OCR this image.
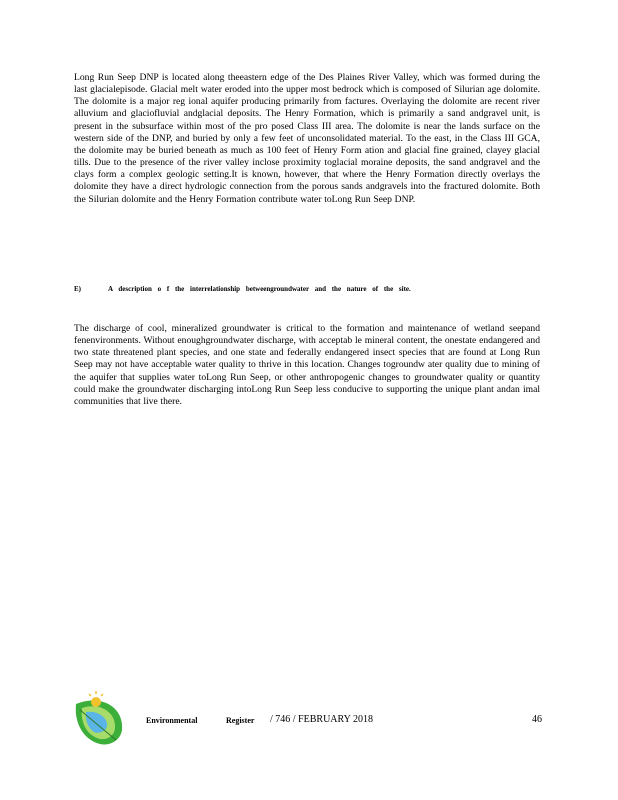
Long Run Seep DNP is located along theeastern edge of the Des Plaines River Valley, which was formed during the last glacialepisode. Glacial melt water eroded into the upper most bedrock which is composed of Silurian age dolomite. The dolomite is a major reg ional aquifer producing primarily from factures. Overlaying the dolomite are recent river alluvium and glaciofluvial andglacial deposits. The Henry Formation, which is primarily a sand andgravel unit, is present in the subsurface within most of the pro posed Class III area. The dolomite is near the lands surface on the western side of the DNP, and buried by only a few feet of unconsolidated material. To the east, in the Class III GCA, the dolomite may be buried beneath as much as 100 feet of Henry Form ation and glacial fine grained, clayey glacial tills. Due to the presence of the river valley inclose proximity toglacial moraine deposits, the sand andgravel and the clays form a complex geologic setting.It is known, however, that where the Henry Formation directly overlays the dolomite they have a direct hydrologic connection from the porous sands andgravels into the fractured dolomite. Both the Silurian dolomite and the Henry Formation contribute water toLong Run Seep DNP.
E)	A description o f the interrelationship betweengroundwater and the nature of the site.
The discharge of cool, mineralized groundwater is critical to the formation and maintenance of wetland seepand fenenvironments. Without enoughgroundwater discharge, with acceptab le mineral content, the onestate endangered and two state threatened plant species, and one state and federally endangered insect species that are found at Long Run Seep may not have acceptable water quality to thrive in this location. Changes togroundw ater quality due to mining of the aquifer that supplies water toLong Run Seep, or other anthropogenic changes to groundwater quality or quantity could make the groundwater discharging intoLong Run Seep less conducive to supporting the unique plant andan imal communities that live there.
Environmental	Register / 746 / FEBRUARY 2018	46
